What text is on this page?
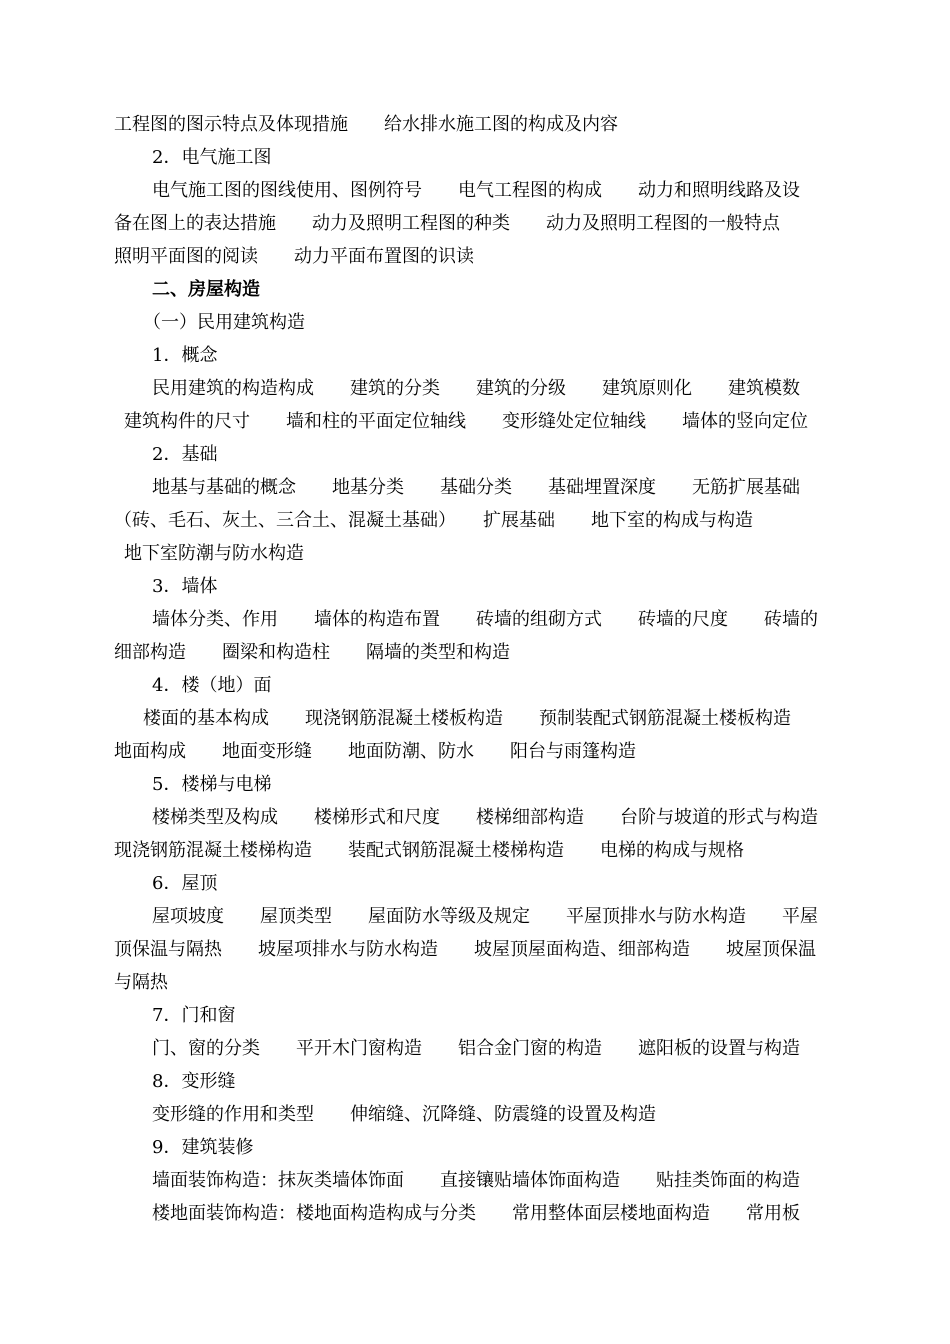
工程图的图示特点及体现措施　　给水排水施工图的构成及内容
2．电气施工图
电气施工图的图线使用、图例符号　　电气工程图的构成　　动力和照明线路及设
备在图上的表达措施　　动力及照明工程图的种类　　动力及照明工程图的一般特点
照明平面图的阅读　　动力平面布置图的识读
二、房屋构造
（一）民用建筑构造
1．概念
民用建筑的构造构成　　建筑的分类　　建筑的分级　　建筑原则化　　建筑模数
建筑构件的尺寸　　墙和柱的平面定位轴线　　变形缝处定位轴线　　墙体的竖向定位
2．基础
地基与基础的概念　　地基分类　　基础分类　　基础埋置深度　　无筋扩展基础
（砖、毛石、灰土、三合土、混凝土基础）　　扩展基础　　地下室的构成与构造
地下室防潮与防水构造
3．墙体
墙体分类、作用　　墙体的构造布置　　砖墙的组砌方式　　砖墙的尺度　　砖墙的
细部构造　　圈梁和构造柱　　隔墙的类型和构造
4．楼（地）面
楼面的基本构成　　现浇钢筋混凝土楼板构造　　预制装配式钢筋混凝土楼板构造
地面构成　　地面变形缝　　地面防潮、防水　　阳台与雨篷构造
5．楼梯与电梯
楼梯类型及构成　　楼梯形式和尺度　　楼梯细部构造　　台阶与坡道的形式与构造
现浇钢筋混凝土楼梯构造　　装配式钢筋混凝土楼梯构造　　电梯的构成与规格
6．屋顶
屋项坡度　　屋顶类型　　屋面防水等级及规定　　平屋顶排水与防水构造　　平屋
顶保温与隔热　　坡屋项排水与防水构造　　坡屋顶屋面构造、细部构造　　坡屋顶保温
与隔热
7．门和窗
门、窗的分类　　平开木门窗构造　　铝合金门窗的构造　　遮阳板的设置与构造
8．变形缝
变形缝的作用和类型　　伸缩缝、沉降缝、防震缝的设置及构造
9．建筑装修
墙面装饰构造：抹灰类墙体饰面　　直接镶贴墙体饰面构造　　贴挂类饰面的构造
楼地面装饰构造：楼地面构造构成与分类　　常用整体面层楼地面构造　　常用板
